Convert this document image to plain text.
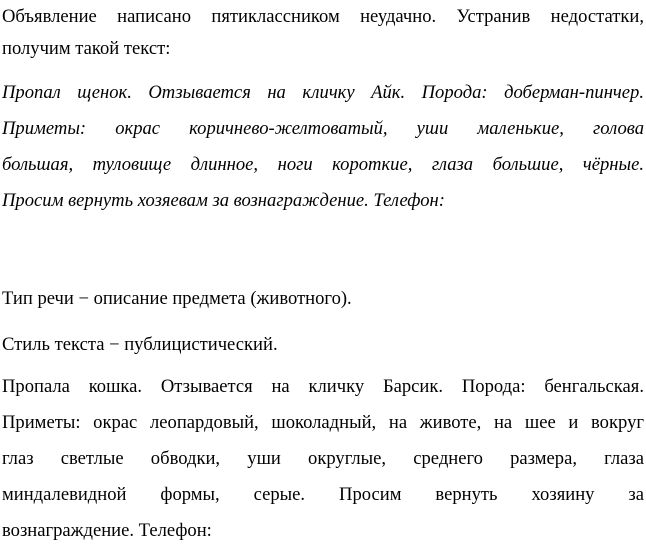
Объявление написано пятиклассником неудачно. Устранив недостатки,
получим такой текст:
Пропал щенок. Отзывается на кличку Айк. Порода: доберман-пинчер.
Приметы: окрас коричнево-желтоватый, уши маленькие, голова
большая, туловище длинное, ноги короткие, глаза большие, чёрные.
Просим вернуть хозяевам за вознаграждение. Телефон:
Тип речи − описание предмета (животного).
Стиль текста − публицистический.
Пропала кошка. Отзывается на кличку Барсик. Порода: бенгальская.
Приметы: окрас леопардовый, шоколадный, на животе, на шее и вокруг
глаз светлые обводки, уши округлые, среднего размера, глаза
миндалевидной формы, серые. Просим вернуть хозяину за
вознаграждение. Телефон:
